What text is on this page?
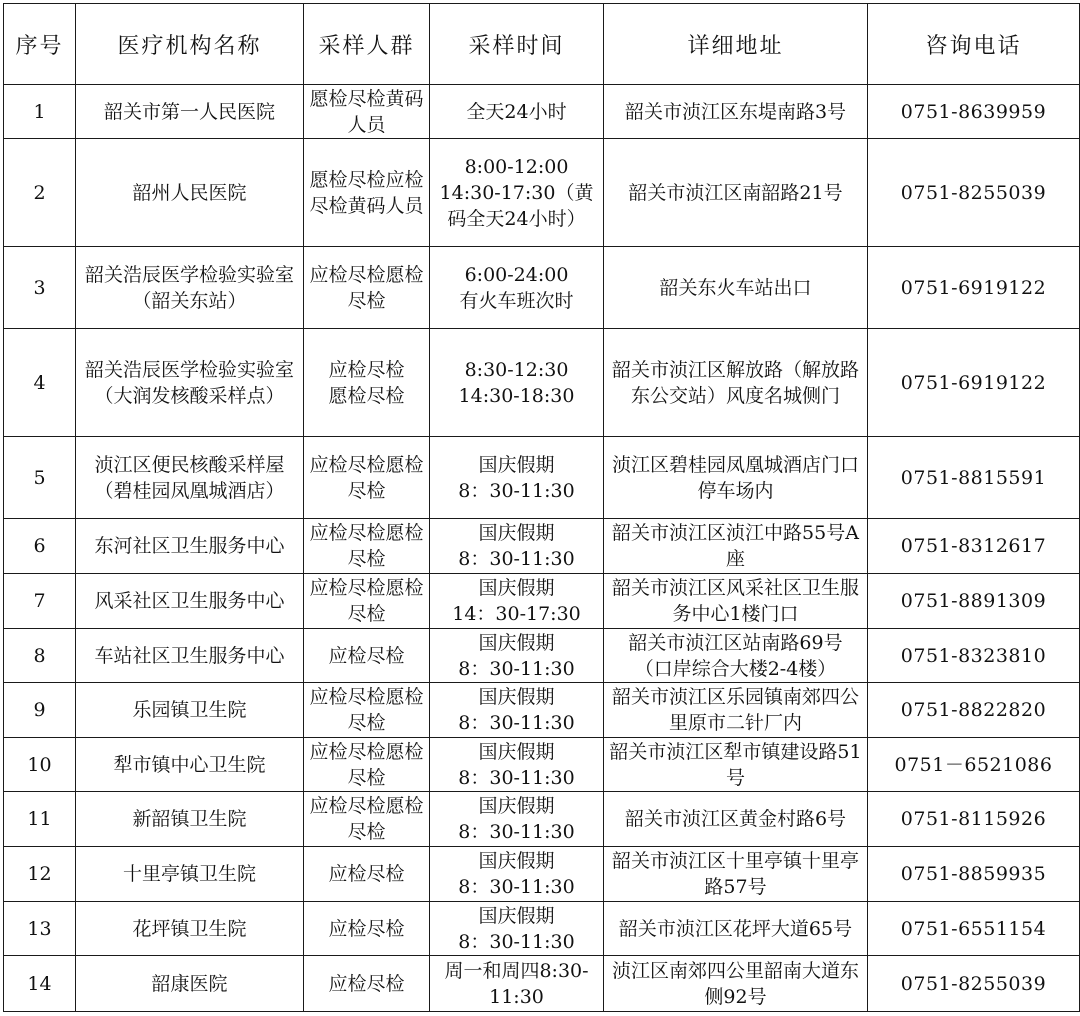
序号	医疗机构名称	采样人群	采样时间	详细地址	咨询电话

1	韶关市第一人民医院	愿检尽检黄码人员	全天24小时	韶关市浈江区东堤南路3号	0751-8639959

2	韶州人民医院	愿检尽检应检尽检黄码人员	8:00-12:00
14:30-17:30（黄码全天24小时）	韶关市浈江区南韶路21号	0751-8255039

3	韶关浩辰医学检验实验室
（韶关东站）	应检尽检愿检尽检	6:00-24:00
有火车班次时	韶关东火车站出口	0751-6919122

4	韶关浩辰医学检验实验室
（大润发核酸采样点）	应检尽检
愿检尽检	8:30-12:30
14:30-18:30	韶关市浈江区解放路（解放路东公交站）风度名城侧门	0751-6919122

5	浈江区便民核酸采样屋 （碧桂园凤凰城酒店）	应检尽检愿检尽检	国庆假期
8：30-11:30	浈江区碧桂园凤凰城酒店门口停车场内	0751-8815591

6	东河社区卫生服务中心	应检尽检愿检尽检	国庆假期
8：30-11:30	韶关市浈江区浈江中路55号A座	0751-8312617

7	风采社区卫生服务中心	应检尽检愿检尽检	国庆假期
14：30-17:30	韶关市浈江区风采社区卫生服务中心1楼门口	0751-8891309

8	车站社区卫生服务中心	应检尽检	国庆假期
8：30-11:30	韶关市浈江区站南路69号
（口岸综合大楼2-4楼）	0751-8323810

9	乐园镇卫生院	应检尽检愿检尽检	国庆假期
8：30-11:30	韶关市浈江区乐园镇南郊四公里原市二针厂内	0751-8822820

10	犁市镇中心卫生院	应检尽检愿检尽检	国庆假期
8：30-11:30	韶关市浈江区犁市镇建设路51号	0751－6521086

11	新韶镇卫生院	应检尽检愿检尽检	国庆假期
8：30-11:30	韶关市浈江区黄金村路6号	0751-8115926

12	十里亭镇卫生院	应检尽检	国庆假期
8：30-11:30	韶关市浈江区十里亭镇十里亭路57号	0751-8859935

13	花坪镇卫生院	应检尽检	国庆假期
8：30-11:30	韶关市浈江区花坪大道65号	0751-6551154

14	韶康医院	应检尽检	周一和周四8:30-11:30	浈江区南郊四公里韶南大道东侧92号	0751-8255039
